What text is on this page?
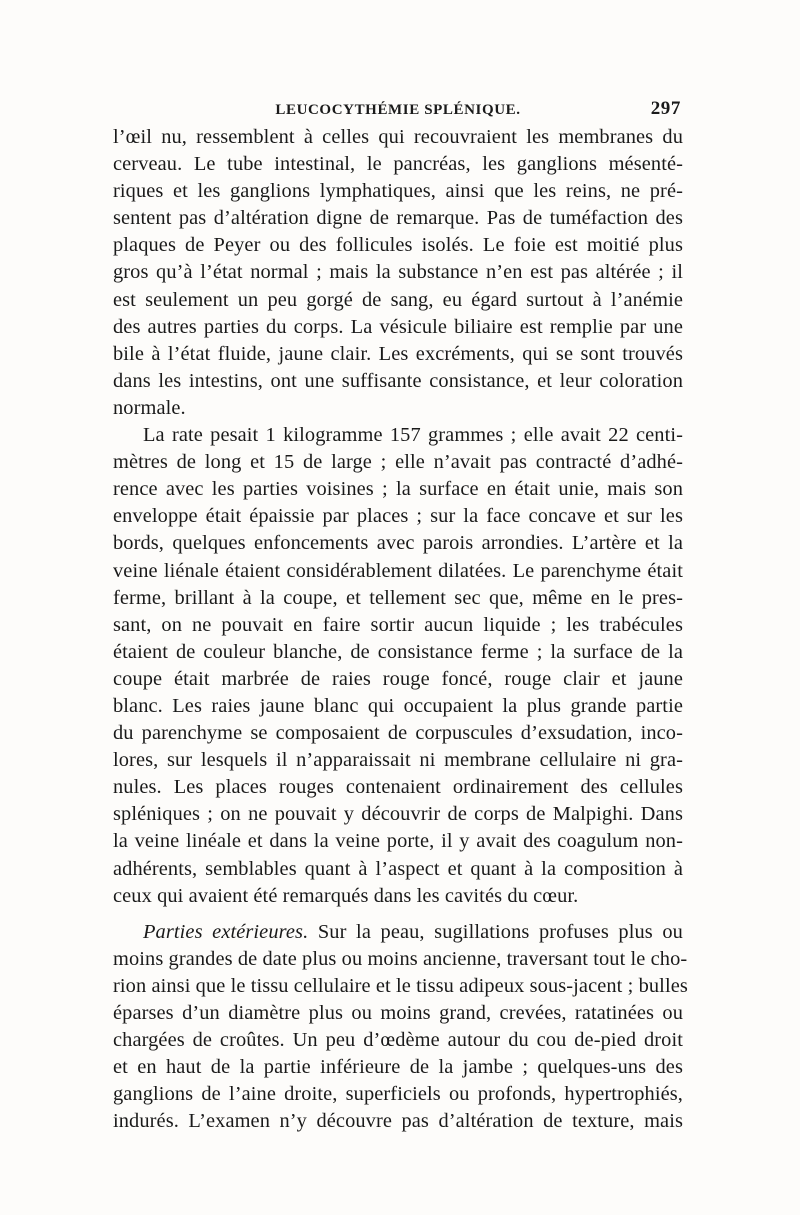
LEUCOCYTHÉMIE SPLÉNIQUE.	297
l’œil nu, ressemblent à celles qui recouvraient les membranes du
cerveau. Le tube intestinal, le pancréas, les ganglions mésenté-
riques et les ganglions lymphatiques, ainsi que les reins, ne pré-
sentent pas d’altération digne de remarque. Pas de tuméfaction des
plaques de Peyer ou des follicules isolés. Le foie est moitié plus
gros qu’à l’état normal ; mais la substance n’en est pas altérée ; il
est seulement un peu gorgé de sang, eu égard surtout à l’anémie
des autres parties du corps. La vésicule biliaire est remplie par une
bile à l’état fluide, jaune clair. Les excréments, qui se sont trouvés
dans les intestins, ont une suffisante consistance, et leur coloration
normale.
La rate pesait 1 kilogramme 157 grammes ; elle avait 22 centi-
mètres de long et 15 de large ; elle n’avait pas contracté d’adhé-
rence avec les parties voisines ; la surface en était unie, mais son
enveloppe était épaissie par places ; sur la face concave et sur les
bords, quelques enfoncements avec parois arrondies. L’artère et la
veine liénale étaient considérablement dilatées. Le parenchyme était
ferme, brillant à la coupe, et tellement sec que, même en le pres-
sant, on ne pouvait en faire sortir aucun liquide ; les trabécules
étaient de couleur blanche, de consistance ferme ; la surface de la
coupe était marbrée de raies rouge foncé, rouge clair et jaune
blanc. Les raies jaune blanc qui occupaient la plus grande partie
du parenchyme se composaient de corpuscules d’exsudation, inco-
lores, sur lesquels il n’apparaissait ni membrane cellulaire ni gra-
nules. Les places rouges contenaient ordinairement des cellules
spléniques ; on ne pouvait y découvrir de corps de Malpighi. Dans
la veine linéale et dans la veine porte, il y avait des coagulum non-
adhérents, semblables quant à l’aspect et quant à la composition à
ceux qui avaient été remarqués dans les cavités du cœur.
Parties extérieures. Sur la peau, sugillations profuses plus ou
moins grandes de date plus ou moins ancienne, traversant tout le cho-
rion ainsi que le tissu cellulaire et le tissu adipeux sous-jacent ; bulles
éparses d’un diamètre plus ou moins grand, crevées, ratatinées ou
chargées de croûtes. Un peu d’œdème autour du cou de-pied droit
et en haut de la partie inférieure de la jambe ; quelques-uns des
ganglions de l’aine droite, superficiels ou profonds, hypertrophiés,
indurés. L’examen n’y découvre pas d’altération de texture, mais
